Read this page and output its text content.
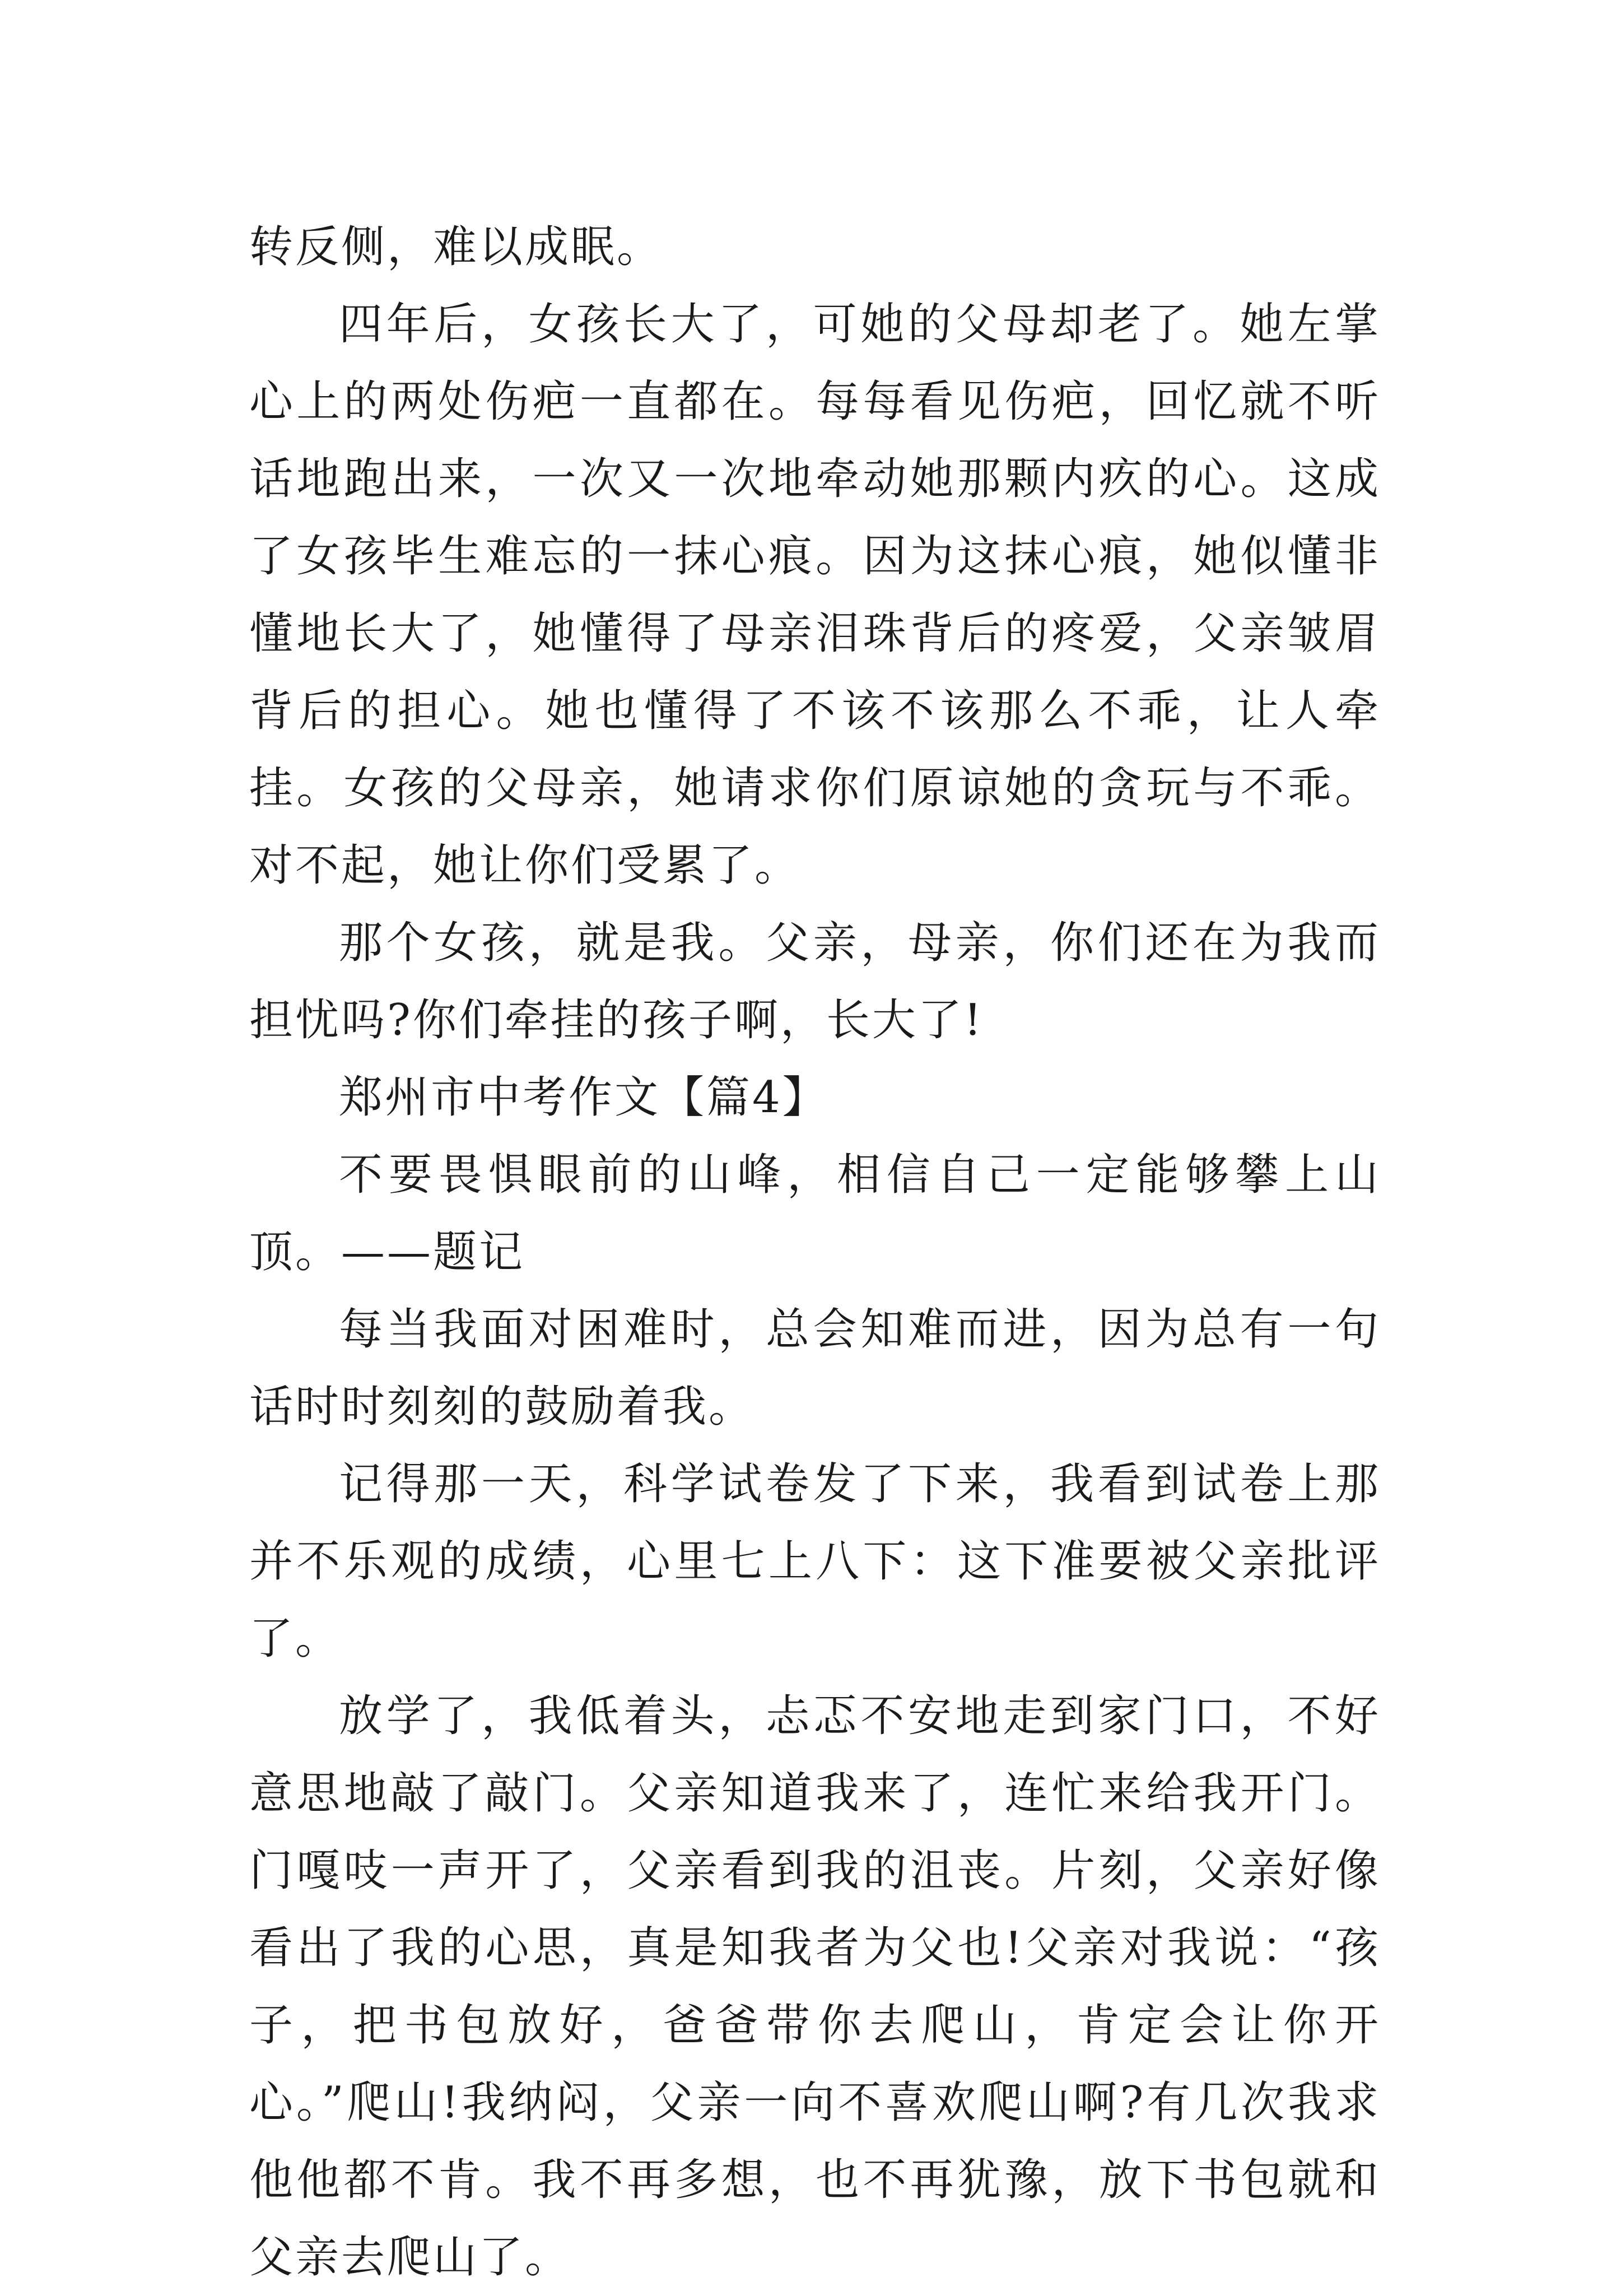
转反侧，难以成眠。

四年后，女孩长大了，可她的父母却老了。她左掌心上的两处伤疤一直都在。每每看见伤疤，回忆就不听话地跑出来，一次又一次地牵动她那颗内疚的心。这成了女孩毕生难忘的一抹心痕。因为这抹心痕，她似懂非懂地长大了，她懂得了母亲泪珠背后的疼爱，父亲皱眉背后的担心。她也懂得了不该不该那么不乖，让人牵挂。女孩的父母亲，她请求你们原谅她的贪玩与不乖。对不起，她让你们受累了。

那个女孩，就是我。父亲，母亲，你们还在为我而担忧吗?你们牵挂的孩子啊，长大了!

郑州市中考作文【篇4】

不要畏惧眼前的山峰，相信自己一定能够攀上山顶。——题记

每当我面对困难时，总会知难而进，因为总有一句话时时刻刻的鼓励着我。

记得那一天，科学试卷发了下来，我看到试卷上那并不乐观的成绩，心里七上八下：这下准要被父亲批评了。

放学了，我低着头，忐忑不安地走到家门口，不好意思地敲了敲门。父亲知道我来了，连忙来给我开门。门嘎吱一声开了，父亲看到我的沮丧。片刻，父亲好像看出了我的心思，真是知我者为父也!父亲对我说：“孩子，把书包放好，爸爸带你去爬山，肯定会让你开心。”爬山!我纳闷，父亲一向不喜欢爬山啊?有几次我求他他都不肯。我不再多想，也不再犹豫，放下书包就和父亲去爬山了。
